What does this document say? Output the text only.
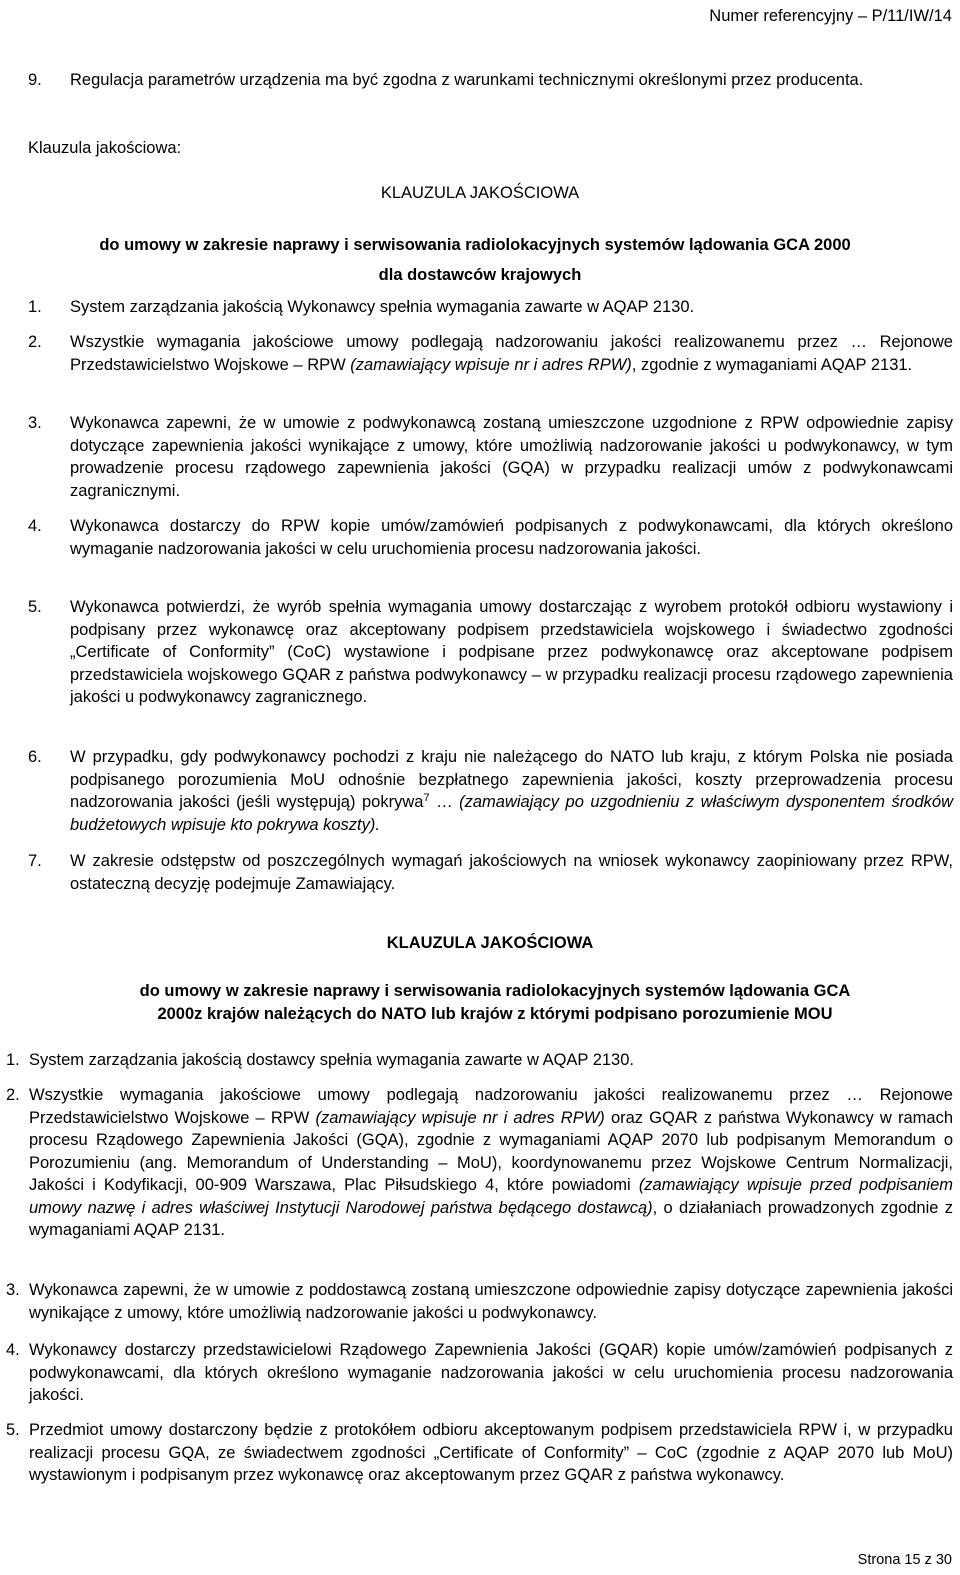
Numer referencyjny – P/11/IW/14
9. Regulacja parametrów urządzenia ma być zgodna z warunkami technicznymi określonymi przez producenta.
Klauzula jakościowa:
KLAUZULA JAKOŚCIOWA
do umowy w zakresie naprawy i serwisowania radiolokacyjnych systemów lądowania GCA 2000
dla dostawców krajowych
1. System zarządzania jakością Wykonawcy spełnia wymagania zawarte w AQAP 2130.
2. Wszystkie wymagania jakościowe umowy podlegają nadzorowaniu jakości realizowanemu przez … Rejonowe Przedstawicielstwo Wojskowe – RPW (zamawiający wpisuje nr i adres RPW), zgodnie z wymaganiami AQAP 2131.
3. Wykonawca zapewni, że w umowie z podwykonawcą zostaną umieszczone uzgodnione z RPW odpowiednie zapisy dotyczące zapewnienia jakości wynikające z umowy, które umożliwią nadzorowanie jakości u podwykonawcy, w tym prowadzenie procesu rządowego zapewnienia jakości (GQA) w przypadku realizacji umów z podwykonawcami zagranicznymi.
4. Wykonawca dostarczy do RPW kopie umów/zamówień podpisanych z podwykonawcami, dla których określono wymaganie nadzorowania jakości w celu uruchomienia procesu nadzorowania jakości.
5. Wykonawca potwierdzi, że wyrób spełnia wymagania umowy dostarczając z wyrobem protokół odbioru wystawiony i podpisany przez wykonawcę oraz akceptowany podpisem przedstawiciela wojskowego i świadectwo zgodności „Certificate of Conformity” (CoC) wystawione i podpisane przez podwykonawcę oraz akceptowane podpisem przedstawiciela wojskowego GQAR z państwa podwykonawcy – w przypadku realizacji procesu rządowego zapewnienia jakości u podwykonawcy zagranicznego.
6. W przypadku, gdy podwykonawcy pochodzi z kraju nie należącego do NATO lub kraju, z którym Polska nie posiada podpisanego porozumienia MoU odnośnie bezpłatnego zapewnienia jakości, koszty przeprowadzenia procesu nadzorowania jakości (jeśli występują) pokrywa$^7$ … (zamawiający po uzgodnieniu z właściwym dysponentem środków budżetowych wpisuje kto pokrywa koszty).
7. W zakresie odstępstw od poszczególnych wymagań jakościowych na wniosek wykonawcy zaopiniowany przez RPW, ostateczną decyzję podejmuje Zamawiający.
KLAUZULA JAKOŚCIOWA
do umowy w zakresie naprawy i serwisowania radiolokacyjnych systemów lądowania GCA
2000z krajów należących do NATO lub krajów z którymi podpisano porozumienie MOU
1. System zarządzania jakością dostawcy spełnia wymagania zawarte w AQAP 2130.
2. Wszystkie wymagania jakościowe umowy podlegają nadzorowaniu jakości realizowanemu przez … Rejonowe Przedstawicielstwo Wojskowe – RPW (zamawiający wpisuje nr i adres RPW) oraz GQAR z państwa Wykonawcy w ramach procesu Rządowego Zapewnienia Jakości (GQA), zgodnie z wymaganiami AQAP 2070 lub podpisanym Memorandum o Porozumieniu (ang. Memorandum of Understanding – MoU), koordynowanemu przez Wojskowe Centrum Normalizacji, Jakości i Kodyfikacji, 00-909 Warszawa, Plac Piłsudskiego 4, które powiadomi (zamawiający wpisuje przed podpisaniem umowy nazwę i adres właściwej Instytucji Narodowej państwa będącego dostawcą), o działaniach prowadzonych zgodnie z wymaganiami AQAP 2131.
3. Wykonawca zapewni, że w umowie z poddostawcą zostaną umieszczone odpowiednie zapisy dotyczące zapewnienia jakości wynikające z umowy, które umożliwią nadzorowanie jakości u podwykonawcy.
4. Wykonawcy dostarczy przedstawicielowi Rządowego Zapewnienia Jakości (GQAR) kopie umów/zamówień podpisanych z podwykonawcami, dla których określono wymaganie nadzorowania jakości w celu uruchomienia procesu nadzorowania jakości.
5. Przedmiot umowy dostarczony będzie z protokółem odbioru akceptowanym podpisem przedstawiciela RPW i, w przypadku realizacji procesu GQA, ze świadectwem zgodności „Certificate of Conformity” – CoC (zgodnie z AQAP 2070 lub MoU) wystawionym i podpisanym przez wykonawcę oraz akceptowanym przez GQAR z państwa wykonawcy.
Strona 15 z 30
